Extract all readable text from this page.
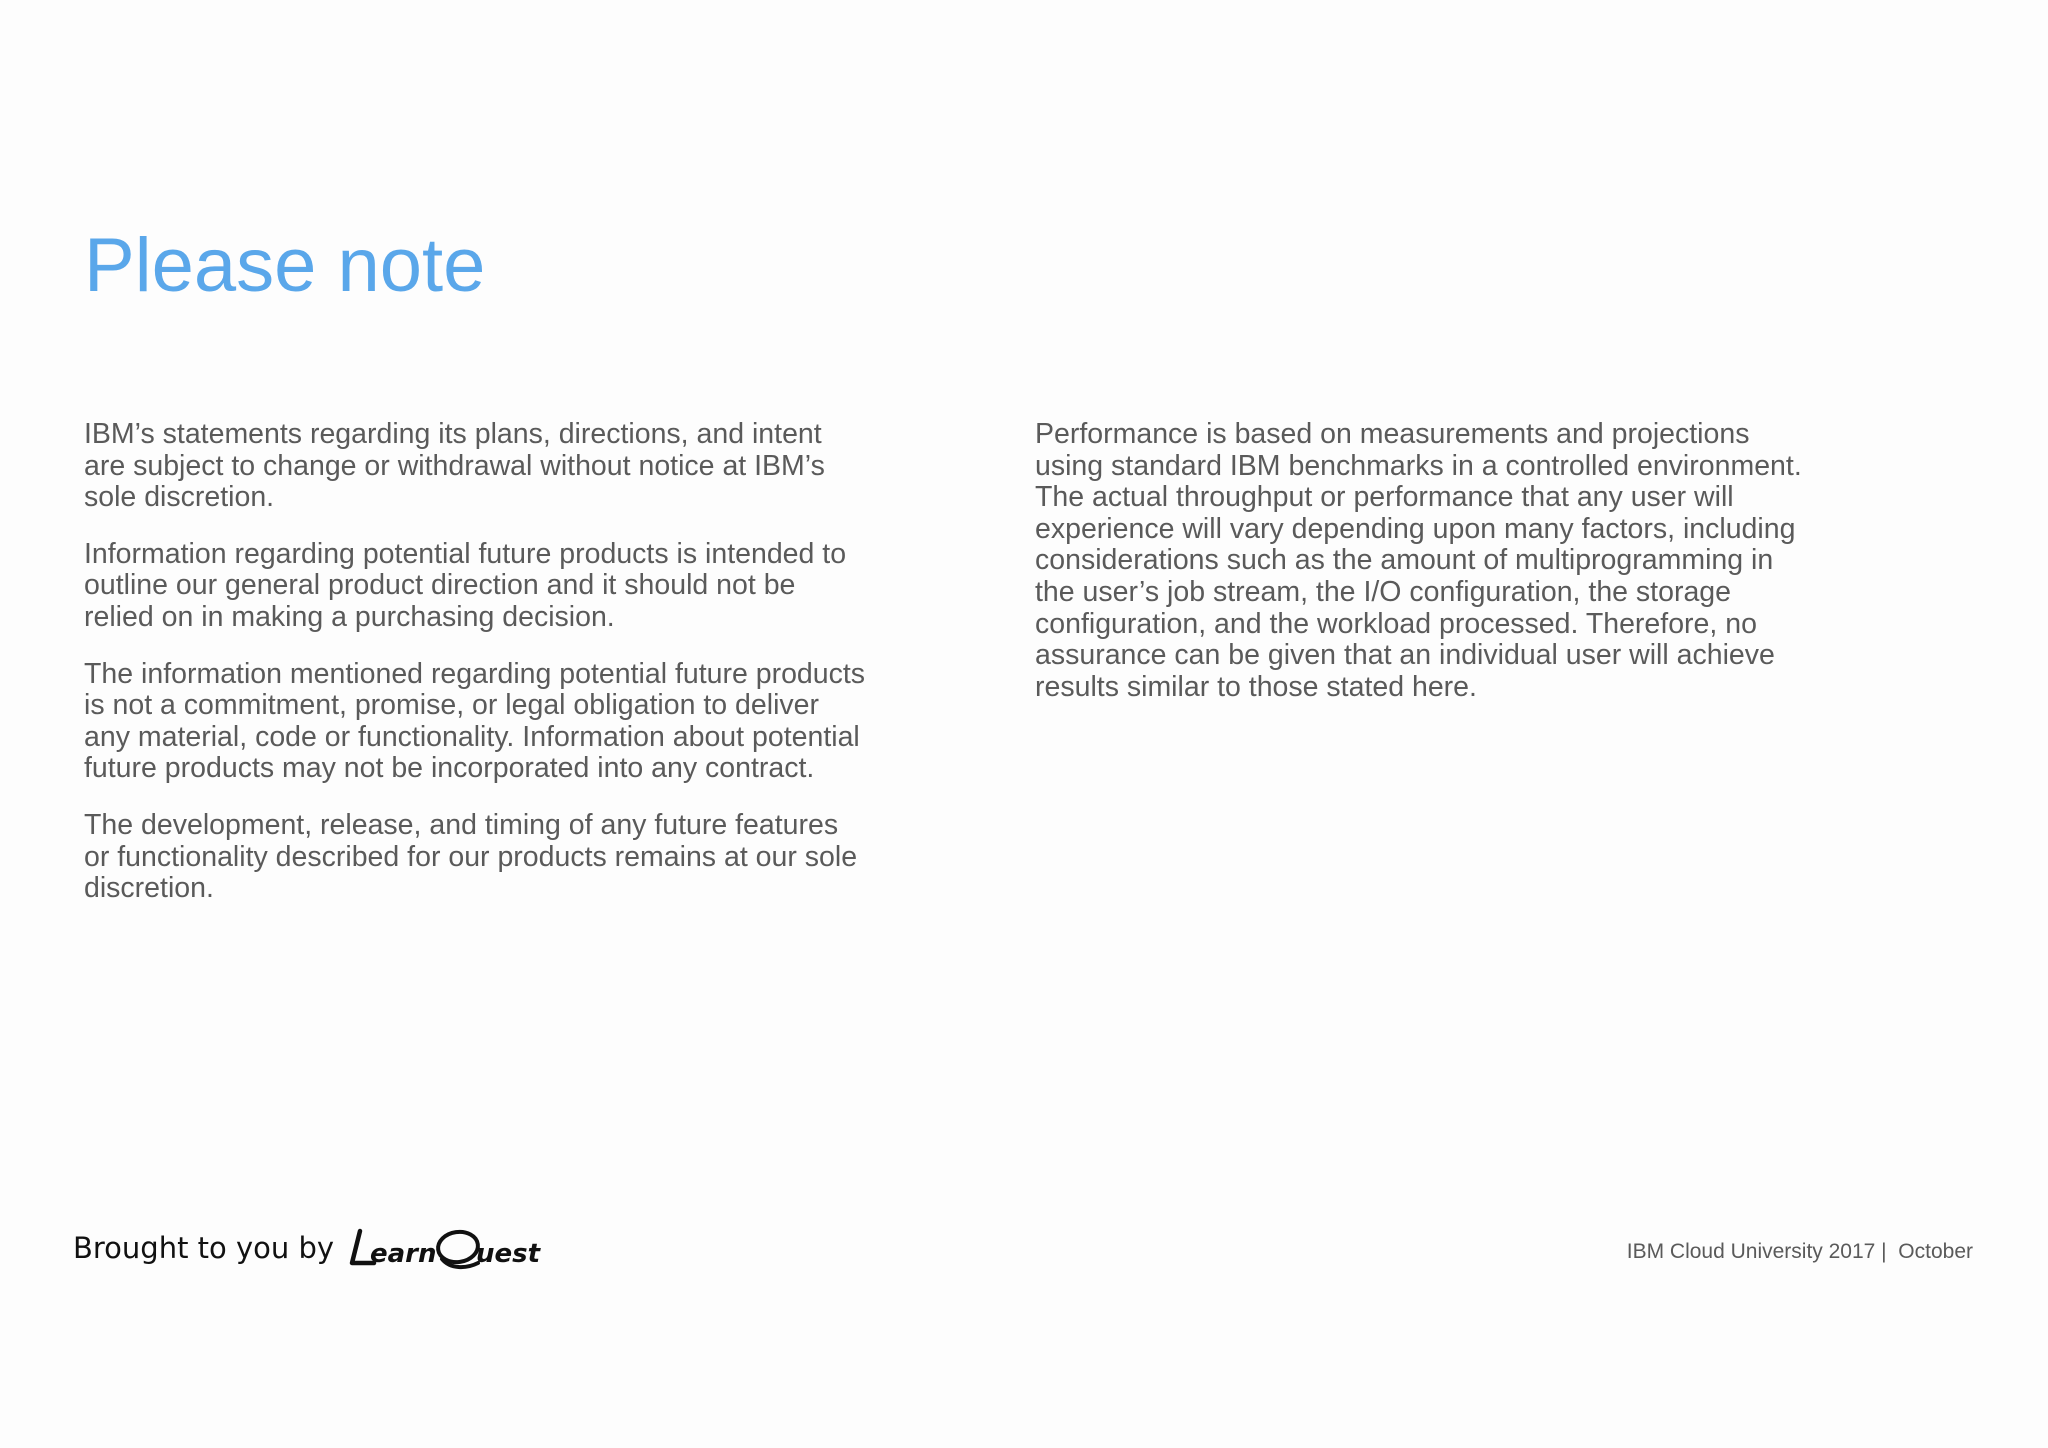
Please note

IBM’s statements regarding its plans, directions, and intent
are subject to change or withdrawal without notice at IBM’s
sole discretion.

Information regarding potential future products is intended to
outline our general product direction and it should not be
relied on in making a purchasing decision.

The information mentioned regarding potential future products
is not a commitment, promise, or legal obligation to deliver
any material, code or functionality. Information about potential
future products may not be incorporated into any contract.

The development, release, and timing of any future features
or functionality described for our products remains at our sole
discretion.

Performance is based on measurements and projections
using standard IBM benchmarks in a controlled environment.
The actual throughput or performance that any user will
experience will vary depending upon many factors, including
considerations such as the amount of multiprogramming in
the user’s job stream, the I/O configuration, the storage
configuration, and the workload processed. Therefore, no
assurance can be given that an individual user will achieve
results similar to those stated here.

Brought to you by earn uest	IBM Cloud University 2017 |  October
